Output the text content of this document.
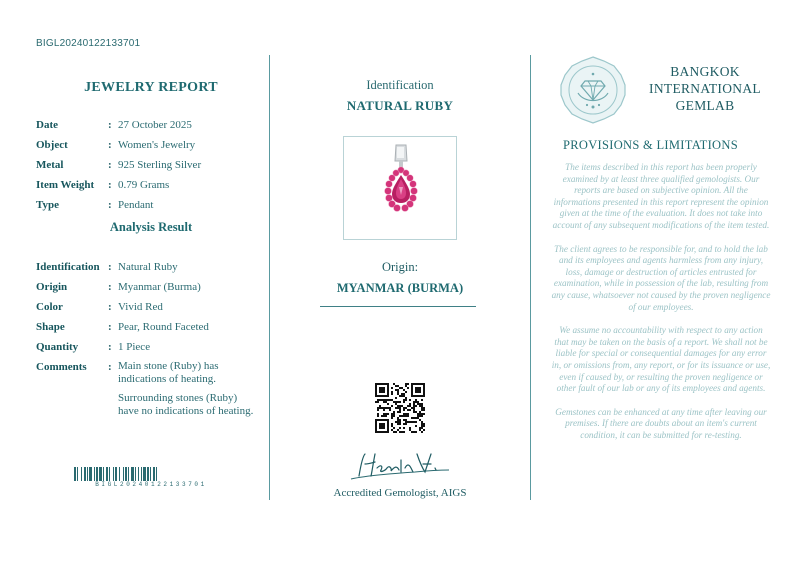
BIGL20240122133701
JEWELRY REPORT
Date	: 27 October 2025
Object	: Women's Jewelry
Metal	: 925 Sterling Silver
Item Weight	: 0.79 Grams
Type	: Pendant
Analysis Result
Identification : Natural Ruby
Origin	: Myanmar (Burma)
Color	: Vivid Red
Shape	: Pear, Round Faceted
Quantity	: 1 Piece
Comments	: Main stone (Ruby) has indications of heating.
Surrounding stones (Ruby) have no indications of heating.
BIGL20240122133701
Identification
NATURAL RUBY
Origin:
MYANMAR (BURMA)
Accredited Gemologist, AIGS
BANGKOK
INTERNATIONAL
GEMLAB
PROVISIONS & LIMITATIONS

The items described in this report has been properly examined by at least three qualified gemologists. Our reports are based on subjective opinion. All the informations presented in this report represent the opinion given at the time of the evaluation. It does not take into account of any subsequent modifications of the item tested.

The client agrees to be responsible for, and to hold the lab and its employees and agents harmless from any injury, loss, damage or destruction of articles entrusted for examination, while in possession of the lab, resulting from any cause, whatsoever not caused by the proven negligence of our employees.

We assume no accountability with respect to any action that may be taken on the basis of a report. We shall not be liable for special or consequential damages for any error in, or omissions from, any report, or for its issuance or use, even if caused by, or resulting the proven negligence or other fault of our lab or any of its employees and agents.

Gemstones can be enhanced at any time after leaving our premises. If there are doubts about an item's current condition, it can be submitted for re-testing.
